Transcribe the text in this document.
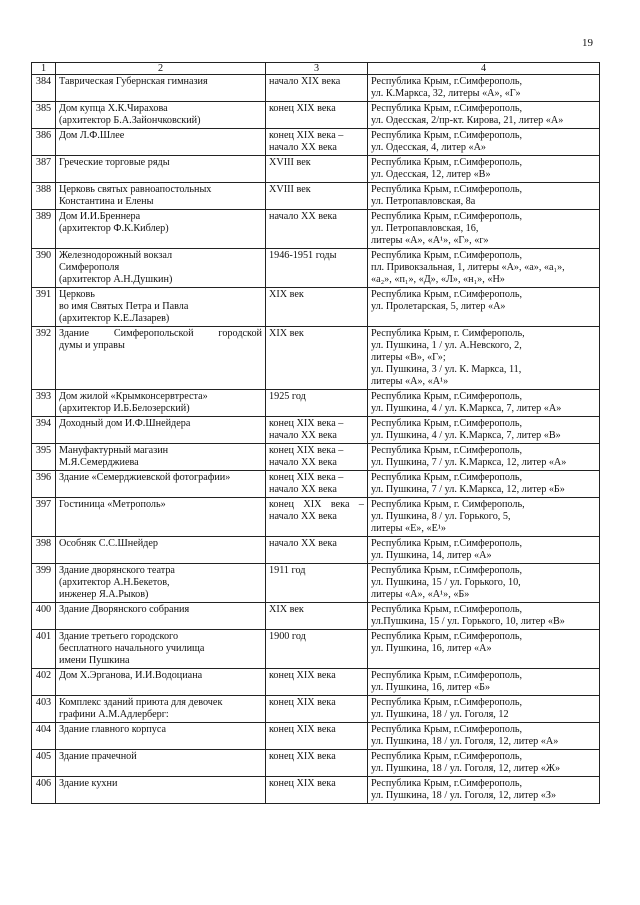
19
1	2	3	4
384	Таврическая Губернская гимназия	начало XIX века	Республика Крым, г.Симферополь,
ул. К.Маркса, 32, литеры «А», «Г»

385	Дом купца Х.К.Чирахова
(архитектор Б.А.Зайончковский)	конец XIX века	Республика Крым, г.Симферополь,
ул. Одесская, 2/пр-кт. Кирова, 21, литер «А»

386	Дом Л.Ф.Шлее	конец XIX века –
начало XX века	Республика Крым, г.Симферополь,
ул. Одесская, 4, литер «А»

387	Греческие торговые ряды	XVIII век	Республика Крым, г.Симферополь,
ул. Одесская, 12, литер «В»

388	Церковь святых равноапостольных
Константина и Елены	XVIII век	Республика Крым, г.Симферополь,
ул. Петропавловская, 8а

389	Дом И.И.Бреннера
(архитектор Ф.К.Киблер)	начало XX века	Республика Крым, г.Симферополь,
ул. Петропавловская, 16,
литеры «А», «А¹», «Г», «г»

390	Железнодорожный вокзал
Симферополя
(архитектор А.Н.Душкин)	1946-1951 годы	Республика Крым, г.Симферополь,
пл. Привокзальная, 1, литеры «А», «а», «а₁»,
«а₂», «п₁», «Д», «Л», «н₁», «Н»

391	Церковь
во имя Святых Петра и Павла
(архитектор К.Е.Лазарев)	XIX век	Республика Крым, г.Симферополь,
ул. Пролетарская, 5, литер «А»

392	Здание Симферопольской городской
думы и управы	XIX век	Республика Крым, г. Симферополь,
ул. Пушкина, 1 / ул. А.Невского, 2,
литеры «В», «Г»;
ул. Пушкина, 3 / ул. К. Маркса, 11,
литеры «А», «А¹»

393	Дом жилой «Крымконсервтреста»
(архитектор И.Б.Белозерский)	1925 год	Республика Крым, г.Симферополь,
ул. Пушкина, 4 / ул. К.Маркса, 7, литер «А»

394	Доходный дом И.Ф.Шнейдера	конец XIX века –
начало XX века	Республика Крым, г.Симферополь,
ул. Пушкина, 4 / ул. К.Маркса, 7, литер «В»

395	Мануфактурный магазин
М.Я.Семерджиева	конец XIX века –
начало XX века	Республика Крым, г.Симферополь,
ул. Пушкина, 7 / ул. К.Маркса, 12, литер «А»

396	Здание «Семерджиевской фотографии»	конец XIX века –
начало XX века	Республика Крым, г.Симферополь,
ул. Пушкина, 7 / ул. К.Маркса, 12, литер «Б»

397	Гостиница «Метрополь»	конец XIX века –
начало XX века	Республика Крым, г. Симферополь,
ул. Пушкина, 8 / ул. Горького, 5,
литеры «Е», «Е¹»

398	Особняк С.С.Шнейдер	начало XX века	Республика Крым, г.Симферополь,
ул. Пушкина, 14, литер «А»

399	Здание дворянского театра
(архитектор А.Н.Бекетов,
инженер Я.А.Рыков)	1911 год	Республика Крым, г.Симферополь,
ул. Пушкина, 15 / ул. Горького, 10,
литеры «А», «А¹», «Б»

400	Здание Дворянского собрания	XIX век	Республика Крым, г.Симферополь,
ул.Пушкина, 15 / ул. Горького, 10, литер «В»

401	Здание третьего городского
бесплатного начального училища
имени Пушкина	1900 год	Республика Крым, г.Симферополь,
ул. Пушкина, 16, литер «А»

402	Дом Х.Эрганова, И.И.Водоциана	конец XIX века	Республика Крым, г.Симферополь,
ул. Пушкина, 16, литер «Б»

403	Комплекс зданий приюта для девочек
графини А.М.Адлерберг:	конец XIX века	Республика Крым, г.Симферополь,
ул. Пушкина, 18 / ул. Гоголя, 12

404	Здание главного корпуса	конец XIX века	Республика Крым, г.Симферополь,
ул. Пушкина, 18 / ул. Гоголя, 12, литер «А»

405	Здание прачечной	конец XIX века	Республика Крым, г.Симферополь,
ул. Пушкина, 18 / ул. Гоголя, 12, литер «Ж»

406	Здание кухни	конец XIX века	Республика Крым, г.Симферополь,
ул. Пушкина, 18 / ул. Гоголя, 12, литер «З»
